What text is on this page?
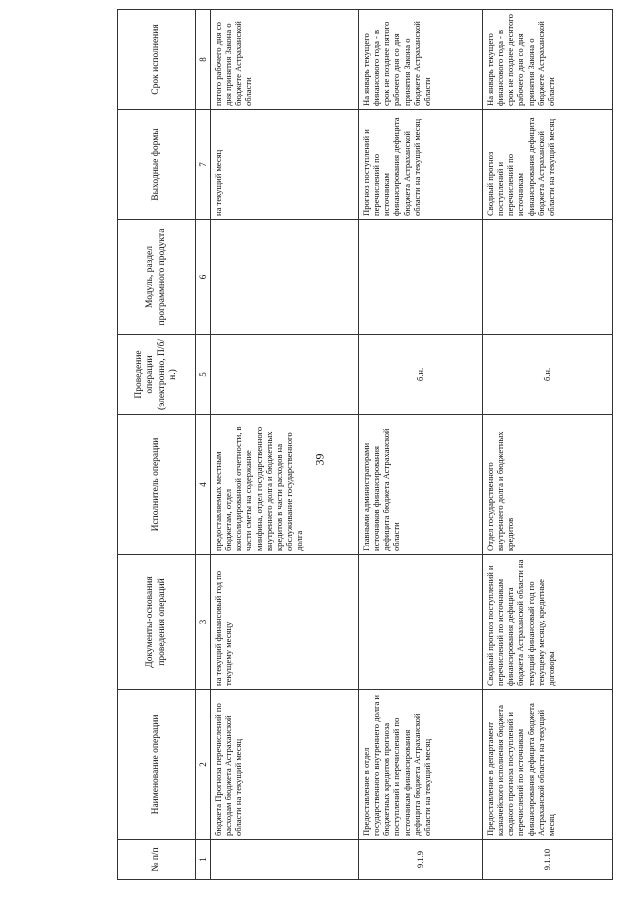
39
№ п/п	Наименование операции	Документы-основания проведения операций	Исполнитель операции	Проведение операции (электронно, П/б/н.)	Модуль, раздел программного продукта	Выходные формы	Срок исполнения
1	2	3	4	5	6	7	8
	бюджета Прогноза перечислений по расходам бюджета Астраханской области на текущий месяц	на текущий финансовый год по текущему месяцу	предоставляемых местным бюджетам, отдел консолидированной отчетности, в части сметы на содержание минфина, отдел государственного внутреннего долга и бюджетных кредитов в части расходов на обслуживание государственного долга			на текущий месяц	пятого рабочего дня со дня принятия Закона о бюджете Астраханской области
9.1.9	Предоставление в отдел государственного внутреннего долга и бюджетных кредитов прогноза поступлений и перечислений по источникам финансирования дефицита бюджета Астраханской области на текущий месяц		Главными администраторами источников финансирования дефицита бюджета Астраханской области	б.н.		Прогноз поступлений и перечислений по источникам финансирования дефицита бюджета Астраханской области на текущий месяц	На январь текущего финансового года - в срок не позднее пятого рабочего дня со дня принятия Закона о бюджете Астраханской области
9.1.10	Предоставление в департамент казначейского исполнения бюджета сводного прогноза поступлений и перечислений по источникам финансирования дефицита бюджета Астраханской области на текущий месяц	Сводный прогноз поступлений и перечислений по источникам финансирования дефицита бюджета Астраханской области на текущий финансовый год по текущему месяцу, кредитные договоры	Отдел государственного внутреннего долга и бюджетных кредитов	б.н.		Сводный прогноз поступлений и перечислений по источникам финансирования дефицита бюджета Астраханской области на текущий месяц	На январь текущего финансового года - в срок не позднее десятого рабочего дня со дня принятия Закона о бюджете Астраханской области
